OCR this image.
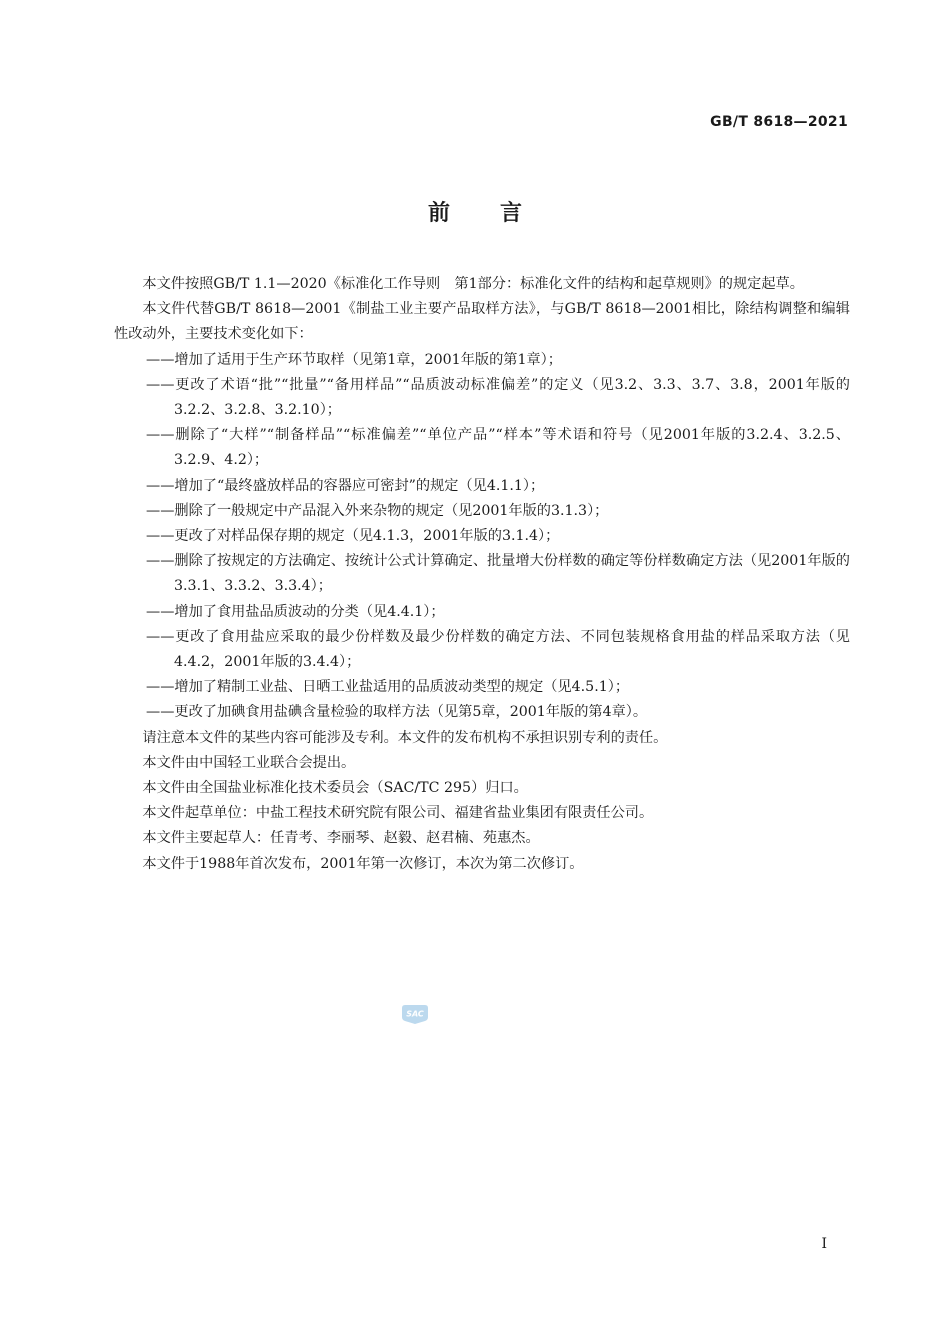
GB/T 8618—2021
前言

本文件按照GB/T 1.1—2020《标准化工作导则　第1部分：标准化文件的结构和起草规则》的规定起草。

本文件代替GB/T 8618—2001《制盐工业主要产品取样方法》，与GB/T 8618—2001相比，除结构调整和编辑性改动外，主要技术变化如下：

——增加了适用于生产环节取样（见第1章，2001年版的第1章）；

——更改了术语“批”“批量”“备用样品”“品质波动标准偏差”的定义（见3.2、3.3、3.7、3.8，2001年版的3.2.2、3.2.8、3.2.10）；

——删除了“大样”“制备样品”“标准偏差”“单位产品”“样本”等术语和符号（见2001年版的3.2.4、3.2.5、3.2.9、4.2）；

——增加了“最终盛放样品的容器应可密封”的规定（见4.1.1）；

——删除了一般规定中产品混入外来杂物的规定（见2001年版的3.1.3）；

——更改了对样品保存期的规定（见4.1.3，2001年版的3.1.4）；

——删除了按规定的方法确定、按统计公式计算确定、批量增大份样数的确定等份样数确定方法（见2001年版的3.3.1、3.3.2、3.3.4）；

——增加了食用盐品质波动的分类（见4.4.1）；

——更改了食用盐应采取的最少份样数及最少份样数的确定方法、不同包装规格食用盐的样品采取方法（见4.4.2，2001年版的3.4.4）；

——增加了精制工业盐、日晒工业盐适用的品质波动类型的规定（见4.5.1）；

——更改了加碘食用盐碘含量检验的取样方法（见第5章，2001年版的第4章）。

请注意本文件的某些内容可能涉及专利。本文件的发布机构不承担识别专利的责任。

本文件由中国轻工业联合会提出。

本文件由全国盐业标准化技术委员会（SAC/TC 295）归口。

本文件起草单位：中盐工程技术研究院有限公司、福建省盐业集团有限责任公司。

本文件主要起草人：任青考、李丽琴、赵毅、赵君楠、苑惠杰。

本文件于1988年首次发布，2001年第一次修订，本次为第二次修订。

SAC
I
